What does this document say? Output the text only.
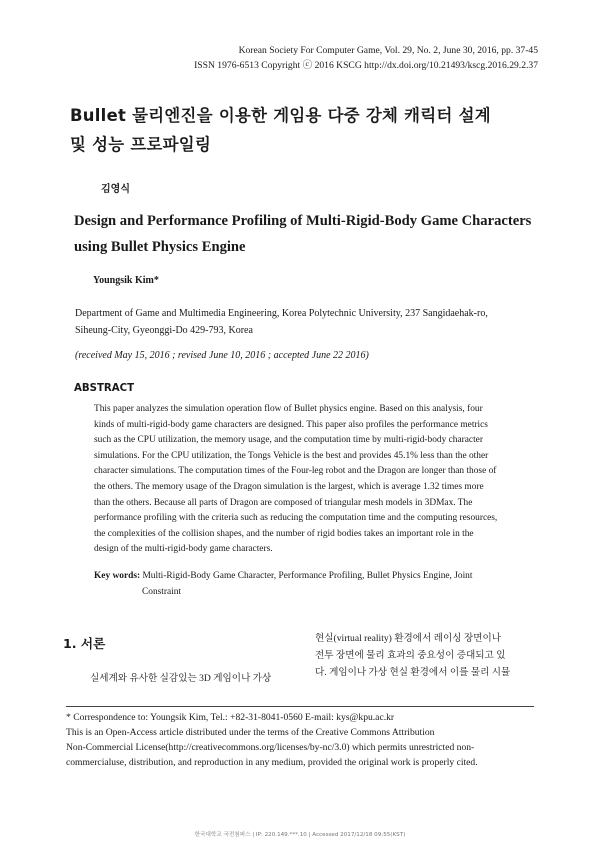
Korean Society For Computer Game, Vol. 29, No. 2, June 30, 2016, pp. 37-45
ISSN 1976-6513 Copyright ⓒ 2016 KSCG http://dx.doi.org/10.21493/kscg.2016.29.2.37
Bullet 물리엔진을 이용한 게임용 다중 강체 캐릭터 설계
및 성능 프로파일링
김영식
Design and Performance Profiling of Multi-Rigid-Body Game Characters
using Bullet Physics Engine
Youngsik Kim*
Department of Game and Multimedia Engineering, Korea Polytechnic University, 237 Sangidaehak-ro,
Siheung-City, Gyeonggi-Do 429-793, Korea
(received May 15, 2016 ; revised June 10, 2016 ; accepted June 22 2016)
ABSTRACT
This paper analyzes the simulation operation flow of Bullet physics engine. Based on this analysis, four
kinds of multi-rigid-body game characters are designed. This paper also profiles the performance metrics
such as the CPU utilization, the memory usage, and the computation time by multi-rigid-body character
simulations. For the CPU utilization, the Tongs Vehicle is the best and provides 45.1% less than the other
character simulations. The computation times of the Four-leg robot and the Dragon are longer than those of
the others. The memory usage of the Dragon simulation is the largest, which is average 1.32 times more
than the others. Because all parts of Dragon are composed of triangular mesh models in 3DMax. The
performance profiling with the criteria such as reducing the computation time and the computing resources,
the complexities of the collision shapes, and the number of rigid bodies takes an important role in the
design of the multi-rigid-body game characters.
Key words: Multi-Rigid-Body Game Character, Performance Profiling, Bullet Physics Engine, Joint
Constraint
1. 서론
실세계와 유사한 실감있는 3D 게임이나 가상
현실(virtual reality) 환경에서 레이싱 장면이나
전투 장면에 물리 효과의 중요성이 증대되고 있
다. 게임이나 가상 현실 환경에서 이를 물리 시뮬
* Correspondence to: Youngsik Kim, Tel.: +82-31-8041-0560 E-mail: kys@kpu.ac.kr
This is an Open-Access article distributed under the terms of the Creative Commons Attribution
Non-Commercial License(http://creativecommons.org/licenses/by-nc/3.0) which permits unrestricted non-
commercialuse, distribution, and reproduction in any medium, provided the original work is properly cited.
한국대학교 국전첨퍼스 | IP: 220.149.***.10 | Accessed 2017/12/18 09:55(KST)
